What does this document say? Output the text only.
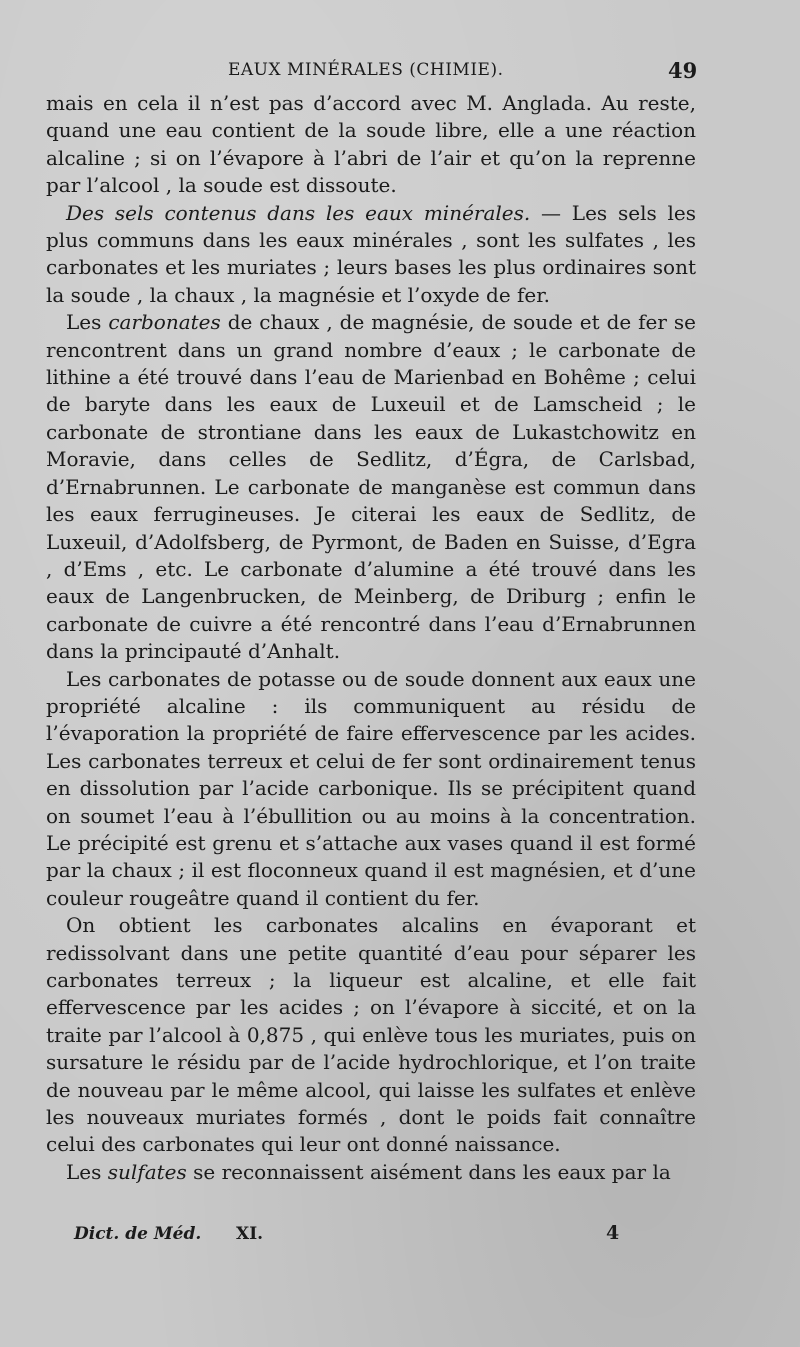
EAUX MINÉRALES (CHIMIE).	49

mais en cela il n’est pas d’accord avec M. Anglada. Au reste, quand une eau contient de la soude libre, elle a une réaction alcaline ; si on l’évapore à l’abri de l’air et qu’on la reprenne par l’alcool , la soude est dissoute.

Des sels contenus dans les eaux minérales. — Les sels les plus communs dans les eaux minérales , sont les sulfates , les carbonates et les muriates ; leurs bases les plus ordinaires sont la soude , la chaux , la magnésie et l’oxyde de fer.

Les carbonates de chaux , de magnésie, de soude et de fer se rencontrent dans un grand nombre d’eaux ; le carbonate de lithine a été trouvé dans l’eau de Marienbad en Bohême ; celui de baryte dans les eaux de Luxeuil et de Lamscheid ; le carbonate de strontiane dans les eaux de Lukastchowitz en Moravie, dans celles de Sedlitz, d’Égra, de Carlsbad, d’Ernabrunnen. Le carbonate de manganèse est commun dans les eaux ferrugineuses. Je citerai les eaux de Sedlitz, de Luxeuil, d’Adolfsberg, de Pyrmont, de Baden en Suisse, d’Egra , d’Ems , etc. Le carbonate d’alumine a été trouvé dans les eaux de Langenbrucken, de Meinberg, de Driburg ; enfin le carbonate de cuivre a été rencontré dans l’eau d’Ernabrunnen dans la principauté d’Anhalt.

Les carbonates de potasse ou de soude donnent aux eaux une propriété alcaline : ils communiquent au résidu de l’évaporation la propriété de faire effervescence par les acides. Les carbonates terreux et celui de fer sont ordinairement tenus en dissolution par l’acide carbonique. Ils se précipitent quand on soumet l’eau à l’ébullition ou au moins à la concentration. Le précipité est grenu et s’attache aux vases quand il est formé par la chaux ; il est floconneux quand il est magnésien, et d’une couleur rougeâtre quand il contient du fer.

On obtient les carbonates alcalins en évaporant et redissolvant dans une petite quantité d’eau pour séparer les carbonates terreux ; la liqueur est alcaline, et elle fait effervescence par les acides ; on l’évapore à siccité, et on la traite par l’alcool à 0,875 , qui enlève tous les muriates, puis on sursature le résidu par de l’acide hydrochlorique, et l’on traite de nouveau par le même alcool, qui laisse les sulfates et enlève les nouveaux muriates formés , dont le poids fait connaître celui des carbonates qui leur ont donné naissance.

Les sulfates se reconnaissent aisément dans les eaux par la

Dict. de Méd. XI.	4
